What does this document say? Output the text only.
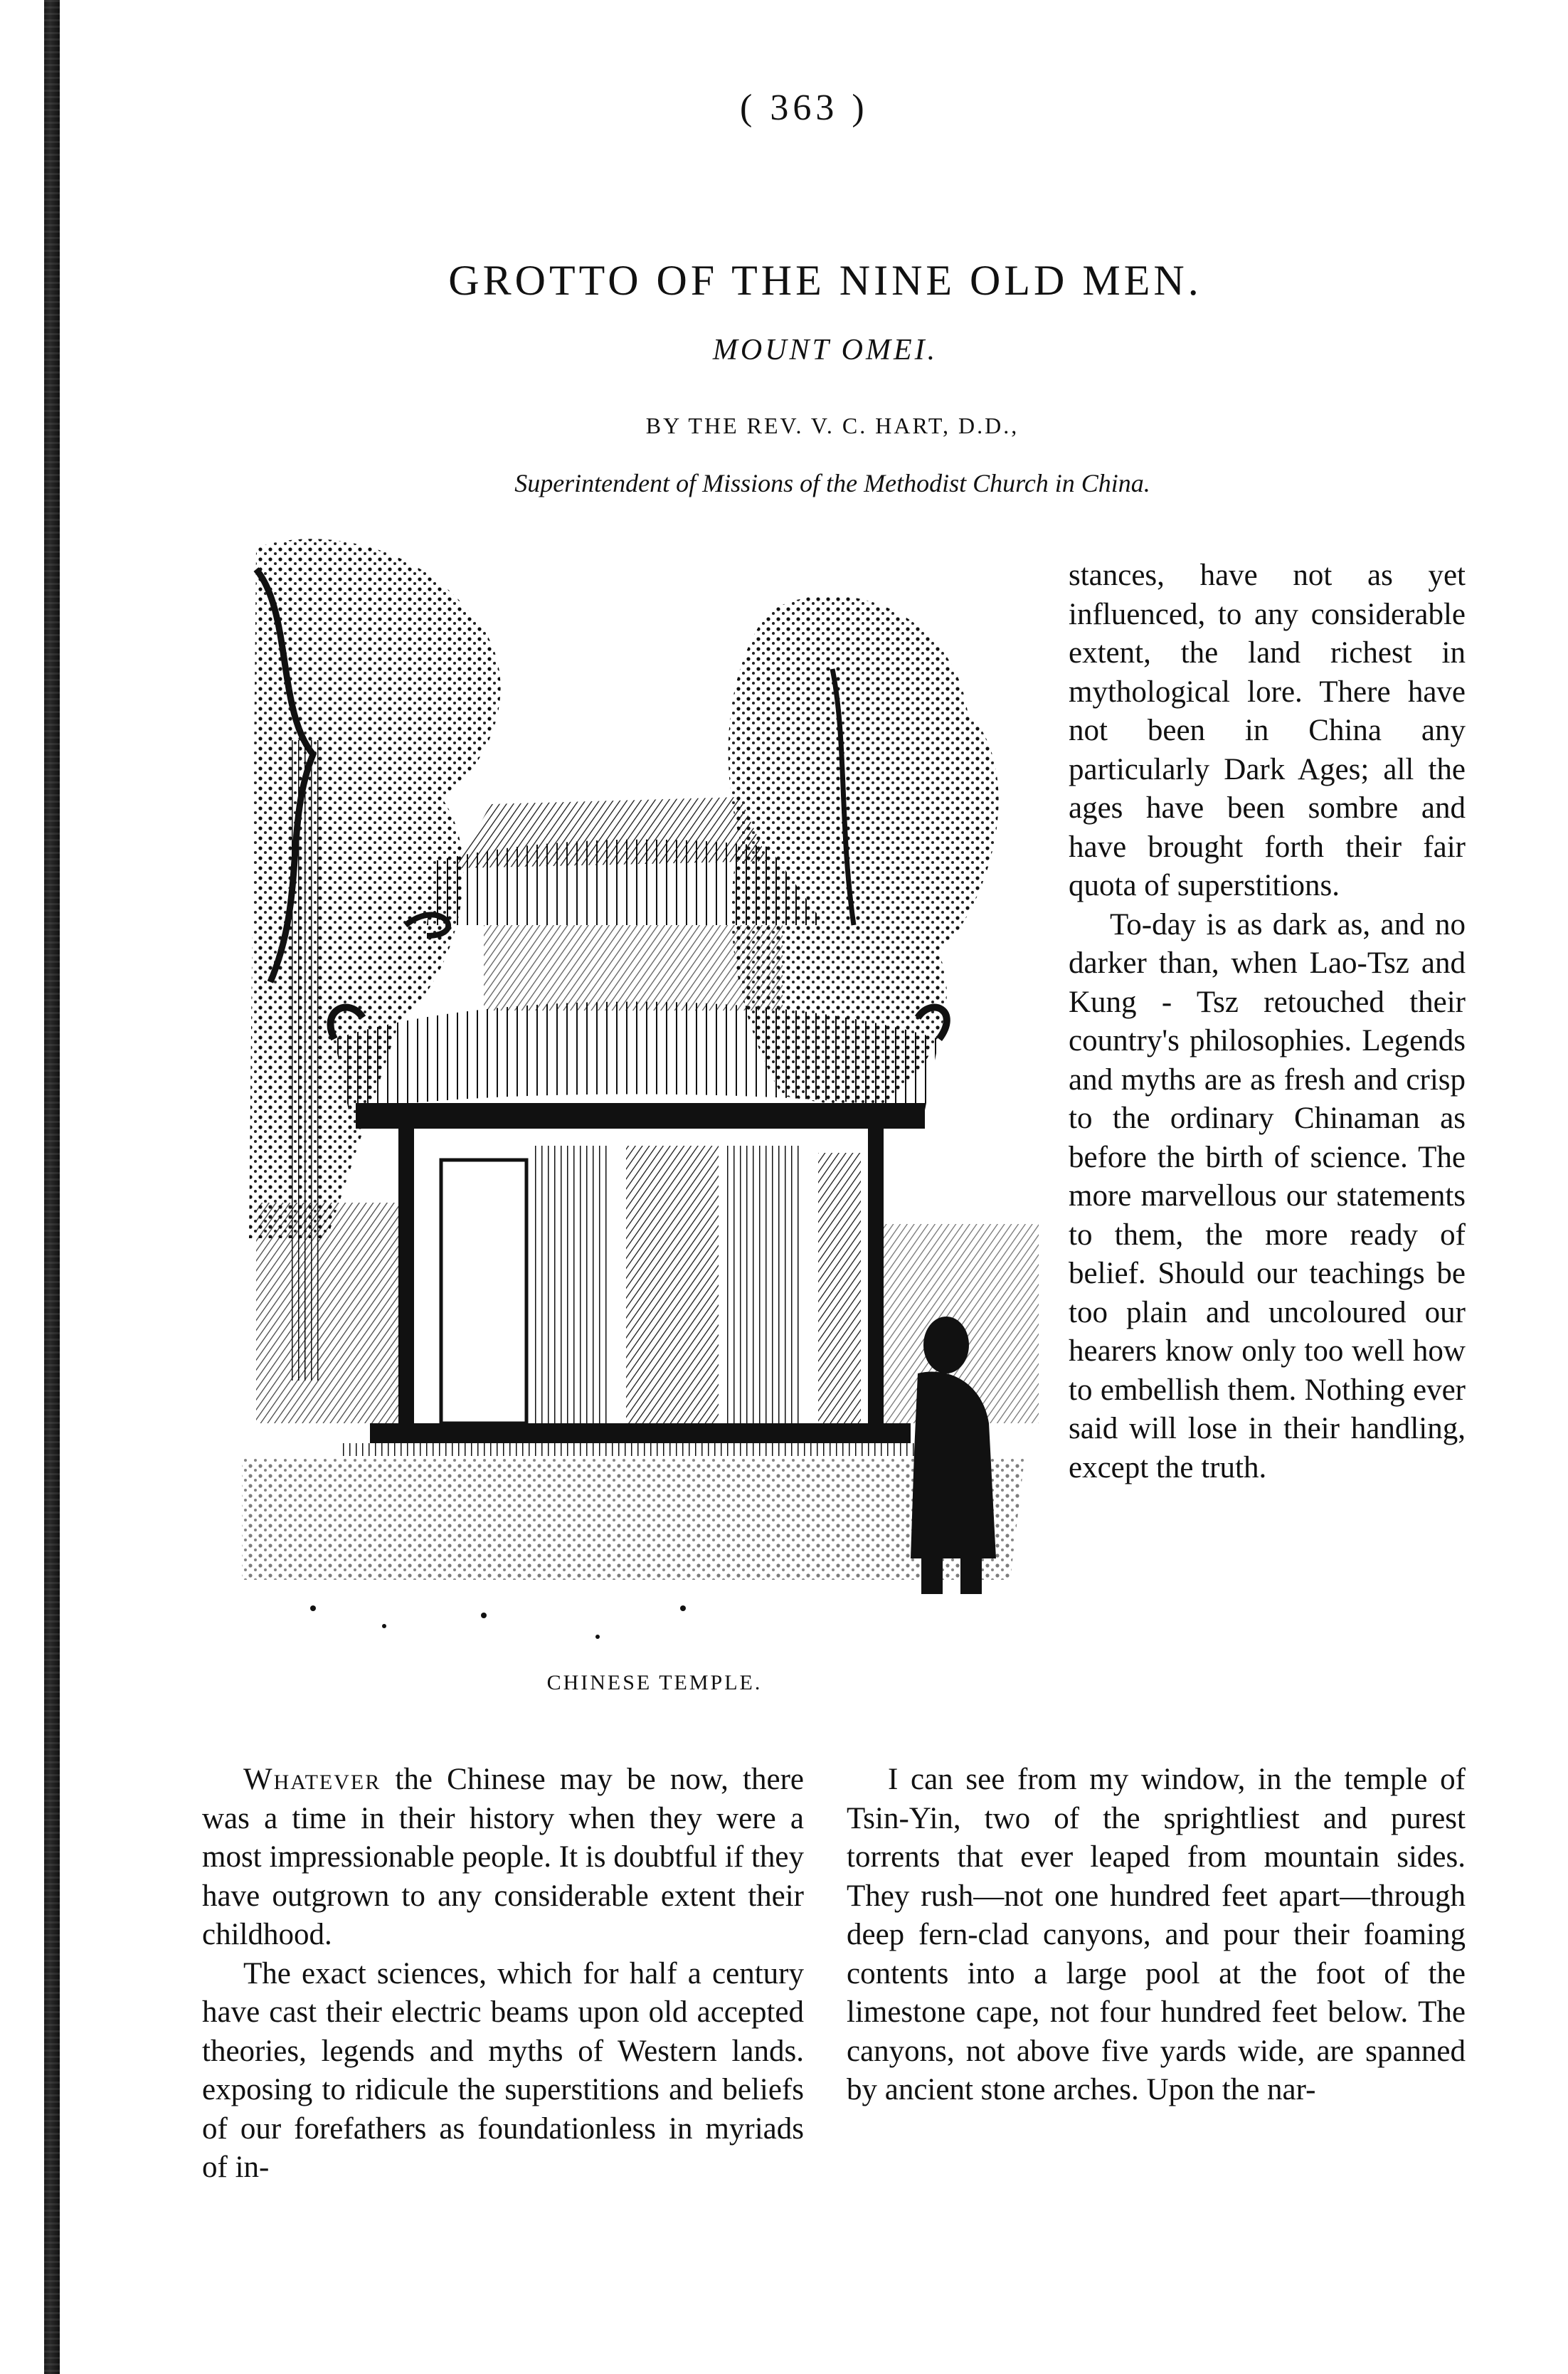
( 363 )
GROTTO OF THE NINE OLD MEN.
MOUNT OMEI.
BY THE REV. V. C. HART, D.D.,
Superintendent of Missions of the Methodist Church in China.
CHINESE TEMPLE.

stances, have not as yet influenced, to any considerable extent, the land richest in mythological lore. There have not been in China any particularly Dark Ages; all the ages have been sombre and have brought forth their fair quota of superstitions.

To-day is as dark as, and no darker than, when Lao-Tsz and Kung - Tsz retouched their country's philosophies. Legends and myths are as fresh and crisp to the ordinary Chinaman as before the birth of science. The more marvellous our statements to them, the more ready of belief. Should our teachings be too plain and uncoloured our hearers know only too well how to embellish them. Nothing ever said will lose in their handling, except the truth.

Whatever the Chinese may be now, there was a time in their history when they were a most impressionable people. It is doubtful if they have outgrown to any considerable extent their childhood.

The exact sciences, which for half a century have cast their electric beams upon old accepted theories, legends and myths of Western lands. exposing to ridicule the superstitions and beliefs of our forefathers as foundationless in myriads of in-

I can see from my window, in the temple of Tsin-Yin, two of the sprightliest and purest torrents that ever leaped from mountain sides. They rush—not one hundred feet apart—through deep fern-clad canyons, and pour their foaming contents into a large pool at the foot of the limestone cape, not four hundred feet below. The canyons, not above five yards wide, are spanned by ancient stone arches. Upon the nar-
